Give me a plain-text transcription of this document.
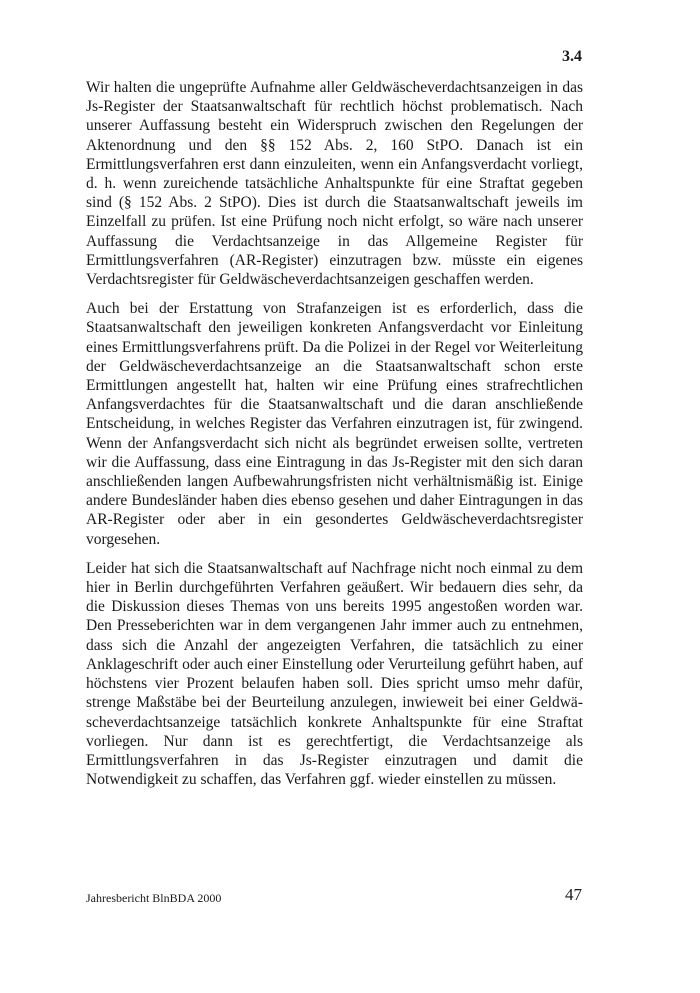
3.4

Wir halten die ungeprüfte Aufnahme aller Geldwäscheverdachtsanzeigen in das Js-Register der Staatsanwaltschaft für rechtlich höchst problematisch. Nach unserer Auffassung besteht ein Widerspruch zwischen den Regelungen der Aktenordnung und den §§ 152 Abs. 2, 160 StPO. Danach ist ein Ermittlungsverfahren erst dann einzuleiten, wenn ein Anfangsverdacht vorliegt, d. h. wenn zureichende tatsächliche Anhaltspunkte für eine Straftat gegeben sind (§ 152 Abs. 2 StPO). Dies ist durch die Staatsanwaltschaft jeweils im Einzelfall zu prüfen. Ist eine Prüfung noch nicht erfolgt, so wäre nach unserer Auffassung die Verdachtsanzeige in das Allgemeine Register für Ermittlungsverfahren (AR-Register) einzutragen bzw. müsste ein eigenes Verdachtsregister für Geldwäscheverdachtsanzeigen geschaffen werden.

Auch bei der Erstattung von Strafanzeigen ist es erforderlich, dass die Staatsanwaltschaft den jeweiligen konkreten Anfangsverdacht vor Einleitung eines Ermittlungsverfahrens prüft. Da die Polizei in der Regel vor Weiterleitung der Geldwäscheverdachtsanzeige an die Staatsanwaltschaft schon erste Ermittlungen angestellt hat, halten wir eine Prüfung eines strafrechtlichen Anfangsverdachtes für die Staatsanwaltschaft und die daran anschließende Entscheidung, in welches Register das Verfahren einzutragen ist, für zwingend. Wenn der Anfangsverdacht sich nicht als begründet erweisen sollte, vertreten wir die Auffassung, dass eine Eintragung in das Js-Register mit den sich daran anschließenden langen Aufbewahrungsfristen nicht verhältnismäßig ist. Einige andere Bundesländer haben dies ebenso gesehen und daher Eintragungen in das AR-Register oder aber in ein gesondertes Geldwäscheverdachtsregister vorgesehen.

Leider hat sich die Staatsanwaltschaft auf Nachfrage nicht noch einmal zu dem hier in Berlin durchgeführten Verfahren geäußert. Wir bedauern dies sehr, da die Diskussion dieses Themas von uns bereits 1995 angestoßen worden war. Den Presseberichten war in dem vergangenen Jahr immer auch zu entnehmen, dass sich die Anzahl der angezeigten Verfahren, die tatsächlich zu einer Anklageschrift oder auch einer Einstellung oder Verurteilung geführt haben, auf höchstens vier Prozent belaufen haben soll. Dies spricht umso mehr dafür, strenge Maßstäbe bei der Beurteilung anzulegen, inwieweit bei einer Geldwäscheverdachtsanzeige tatsächlich konkrete Anhaltspunkte für eine Straftat vorliegen. Nur dann ist es gerechtfertigt, die Verdachtsanzeige als Ermittlungsverfahren in das Js-Register einzutragen und damit die Notwendigkeit zu schaffen, das Verfahren ggf. wieder einstellen zu müssen.

Jahresbericht BlnBDA 2000	47
